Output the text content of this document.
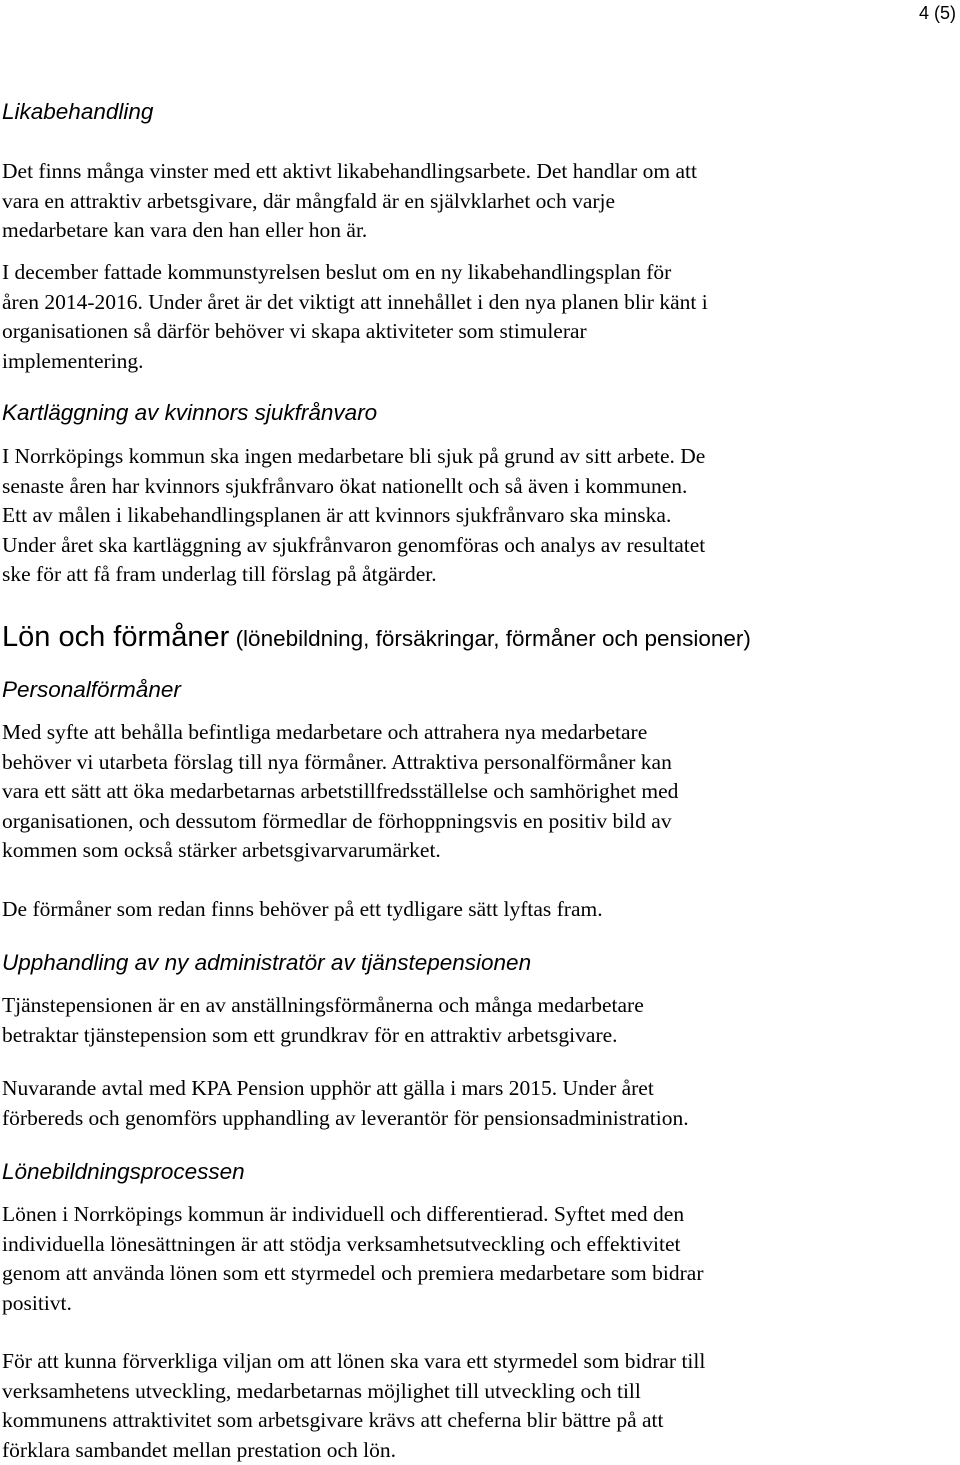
4 (5)
Likabehandling

Det finns många vinster med ett aktivt likabehandlingsarbete. Det handlar om att
vara en attraktiv arbetsgivare, där mångfald är en självklarhet och varje
medarbetare kan vara den han eller hon är.

I december fattade kommunstyrelsen beslut om en ny likabehandlingsplan för
åren 2014-2016. Under året är det viktigt att innehållet i den nya planen blir känt i
organisationen så därför behöver vi skapa aktiviteter som stimulerar
implementering.

Kartläggning av kvinnors sjukfrånvaro

I Norrköpings kommun ska ingen medarbetare bli sjuk på grund av sitt arbete. De
senaste åren har kvinnors sjukfrånvaro ökat nationellt och så även i kommunen.
Ett av målen i likabehandlingsplanen är att kvinnors sjukfrånvaro ska minska.
Under året ska kartläggning av sjukfrånvaron genomföras och analys av resultatet
ske för att få fram underlag till förslag på åtgärder.

Lön och förmåner (lönebildning, försäkringar, förmåner och pensioner)
Personalförmåner

Med syfte att behålla befintliga medarbetare och attrahera nya medarbetare
behöver vi utarbeta förslag till nya förmåner. Attraktiva personalförmåner kan
vara ett sätt att öka medarbetarnas arbetstillfredsställelse och samhörighet med
organisationen, och dessutom förmedlar de förhoppningsvis en positiv bild av
kommen som också stärker arbetsgivarvarumärket.

De förmåner som redan finns behöver på ett tydligare sätt lyftas fram.

Upphandling av ny administratör av tjänstepensionen

Tjänstepensionen är en av anställningsförmånerna och många medarbetare
betraktar tjänstepension som ett grundkrav för en attraktiv arbetsgivare.

Nuvarande avtal med KPA Pension upphör att gälla i mars 2015. Under året
förbereds och genomförs upphandling av leverantör för pensionsadministration.

Lönebildningsprocessen

Lönen i Norrköpings kommun är individuell och differentierad. Syftet med den
individuella lönesättningen är att stödja verksamhetsutveckling och effektivitet
genom att använda lönen som ett styrmedel och premiera medarbetare som bidrar
positivt.

För att kunna förverkliga viljan om att lönen ska vara ett styrmedel som bidrar till
verksamhetens utveckling, medarbetarnas möjlighet till utveckling och till
kommunens attraktivitet som arbetsgivare krävs att cheferna blir bättre på att
förklara sambandet mellan prestation och lön.
